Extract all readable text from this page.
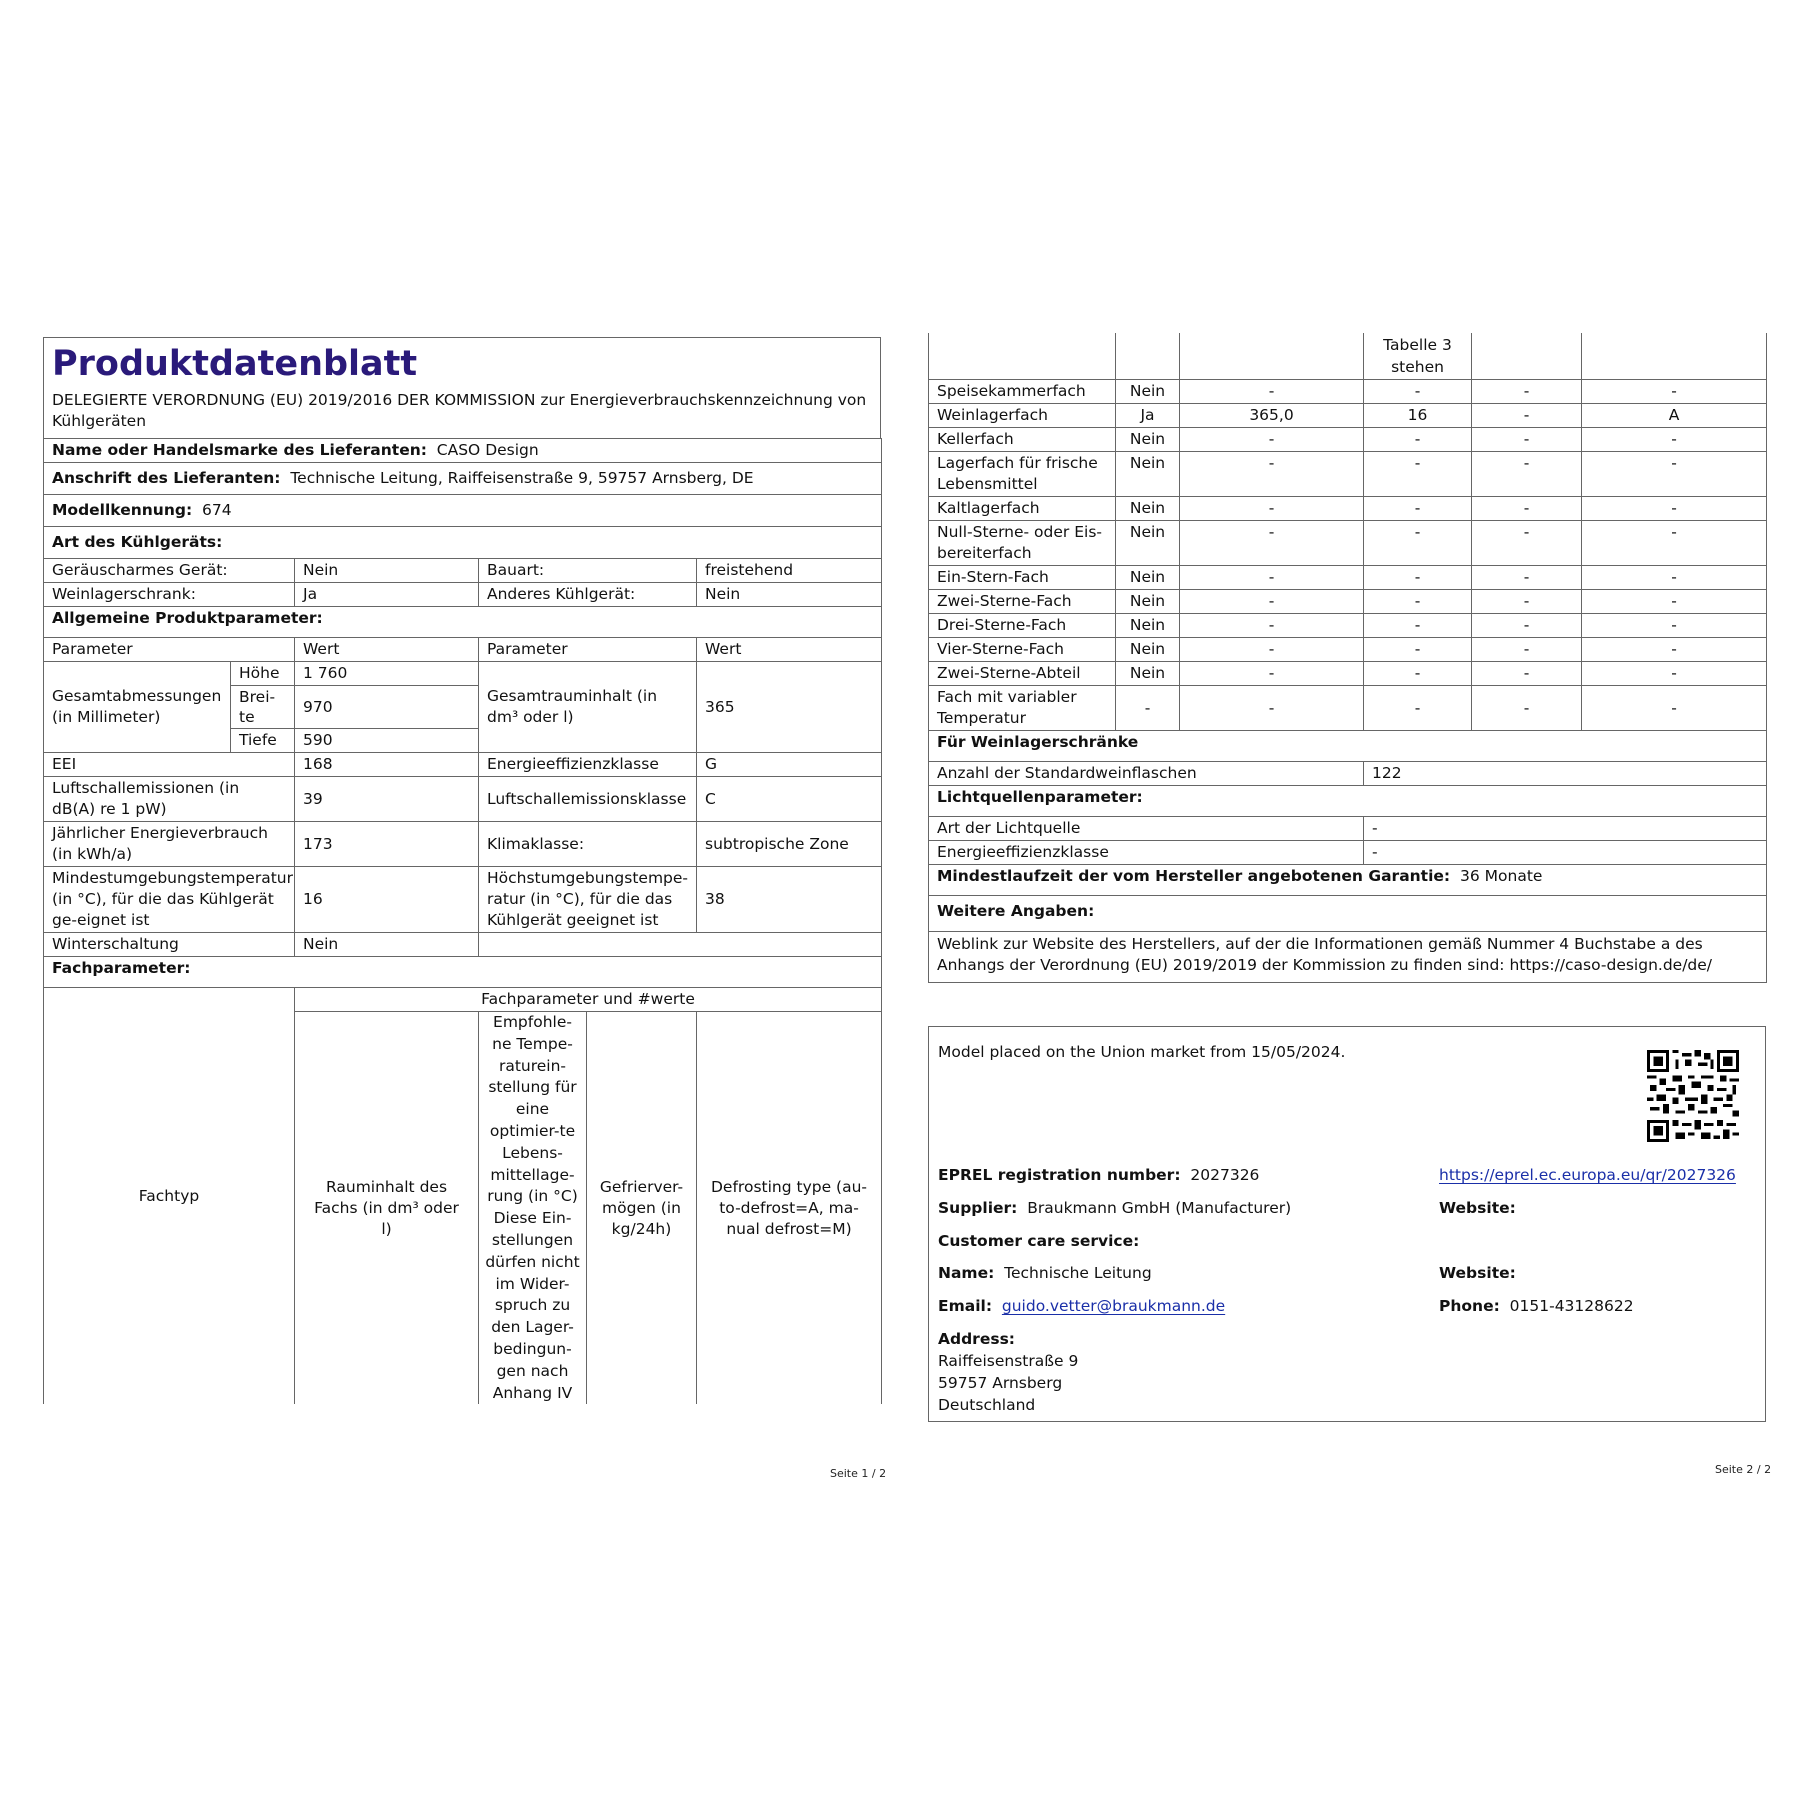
Produktdatenblatt
DELEGIERTE VERORDNUNG (EU) 2019/2016 DER KOMMISSION zur Energieverbrauchskennzeichnung von Kühlgeräten
Name oder Handelsmarke des Lieferanten: CASO Design				
Anschrift des Lieferanten: Technische Leitung, Raiffeisenstraße 9, 59757 Arnsberg, DE				
Modellkennung: 674				
Art des Kühlgeräts:				
Geräuscharmes Gerät:		Nein	Bauart:	freistehend
Weinlagerschrank:		Ja	Anderes Kühlgerät:	Nein
Allgemeine Produktparameter:				
Parameter		Wert	Parameter	Wert
Gesamtabmessungen (in Millimeter)	Höhe	1 760	Gesamtrauminhalt (in dm³ oder l)	365
	Brei-te	970		
	Tiefe	590		
EEI		168	Energieeffizienzklasse	G
Luftschallemissionen (in dB(A) re 1 pW)		39	Luftschallemissionsklasse	C
Jährlicher Energieverbrauch (in kWh/a)		173	Klimaklasse:	subtropische Zone
Mindestumgebungstemperatur (in °C), für die das Kühlgerät ge-eignet ist		16	Höchstumgebungstempe-ratur (in °C), für die das Kühlgerät geeignet ist	38
Winterschaltung		Nein		
Fachparameter:				
Fachtyp	Fachparameter und #werte			
	Rauminhalt des Fachs (in dm³ oder l)	Empfohle-ne Tempe-raturein-stellung für eine optimier-te Lebens-mittellage-rung (in °C) Diese Ein-stellungen dürfen nicht im Wider-spruch zu den Lager-bedingun-gen nach Anhang IV	Gefrierver-mögen (in kg/24h)	Defrosting type (au-to-defrost=A, ma-nual defrost=M)
Seite 1 / 2
			Tabelle 3 stehen		
Speisekammerfach	Nein	-	-	-	-
Weinlagerfach	Ja	365,0	16	-	A
Kellerfach	Nein	-	-	-	-
Lagerfach für frische Lebensmittel	Nein	-	-	-	-
Kaltlagerfach	Nein	-	-	-	-
Null-Sterne- oder Eis-bereiterfach	Nein	-	-	-	-
Ein-Stern-Fach	Nein	-	-	-	-
Zwei-Sterne-Fach	Nein	-	-	-	-
Drei-Sterne-Fach	Nein	-	-	-	-
Vier-Sterne-Fach	Nein	-	-	-	-
Zwei-Sterne-Abteil	Nein	-	-	-	-
Fach mit variabler Temperatur	-	-	-	-	-
Für Weinlagerschränke					
Anzahl der Standardweinflaschen			122		
Lichtquellenparameter:					
Art der Lichtquelle			-		
Energieeffizienzklasse			-		
Mindestlaufzeit der vom Hersteller angebotenen Garantie: 36 Monate					
Weitere Angaben:					
Weblink zur Website des Herstellers, auf der die Informationen gemäß Nummer 4 Buchstabe a des Anhangs der Verordnung (EU) 2019/2019 der Kommission zu finden sind: https://caso-design.de/de/					
Seite 2 / 2
Model placed on the Union market from 15/05/2024.
EPREL registration number: 2027326	https://eprel.ec.europa.eu/qr/2027326
Supplier: Braukmann GmbH (Manufacturer)	Website:
Customer care service:
Name: Technische Leitung	Website:
Email: guido.vetter@braukmann.de	Phone: 0151-43128622
Address:
Raiffeisenstraße 9
59757 Arnsberg
Deutschland
